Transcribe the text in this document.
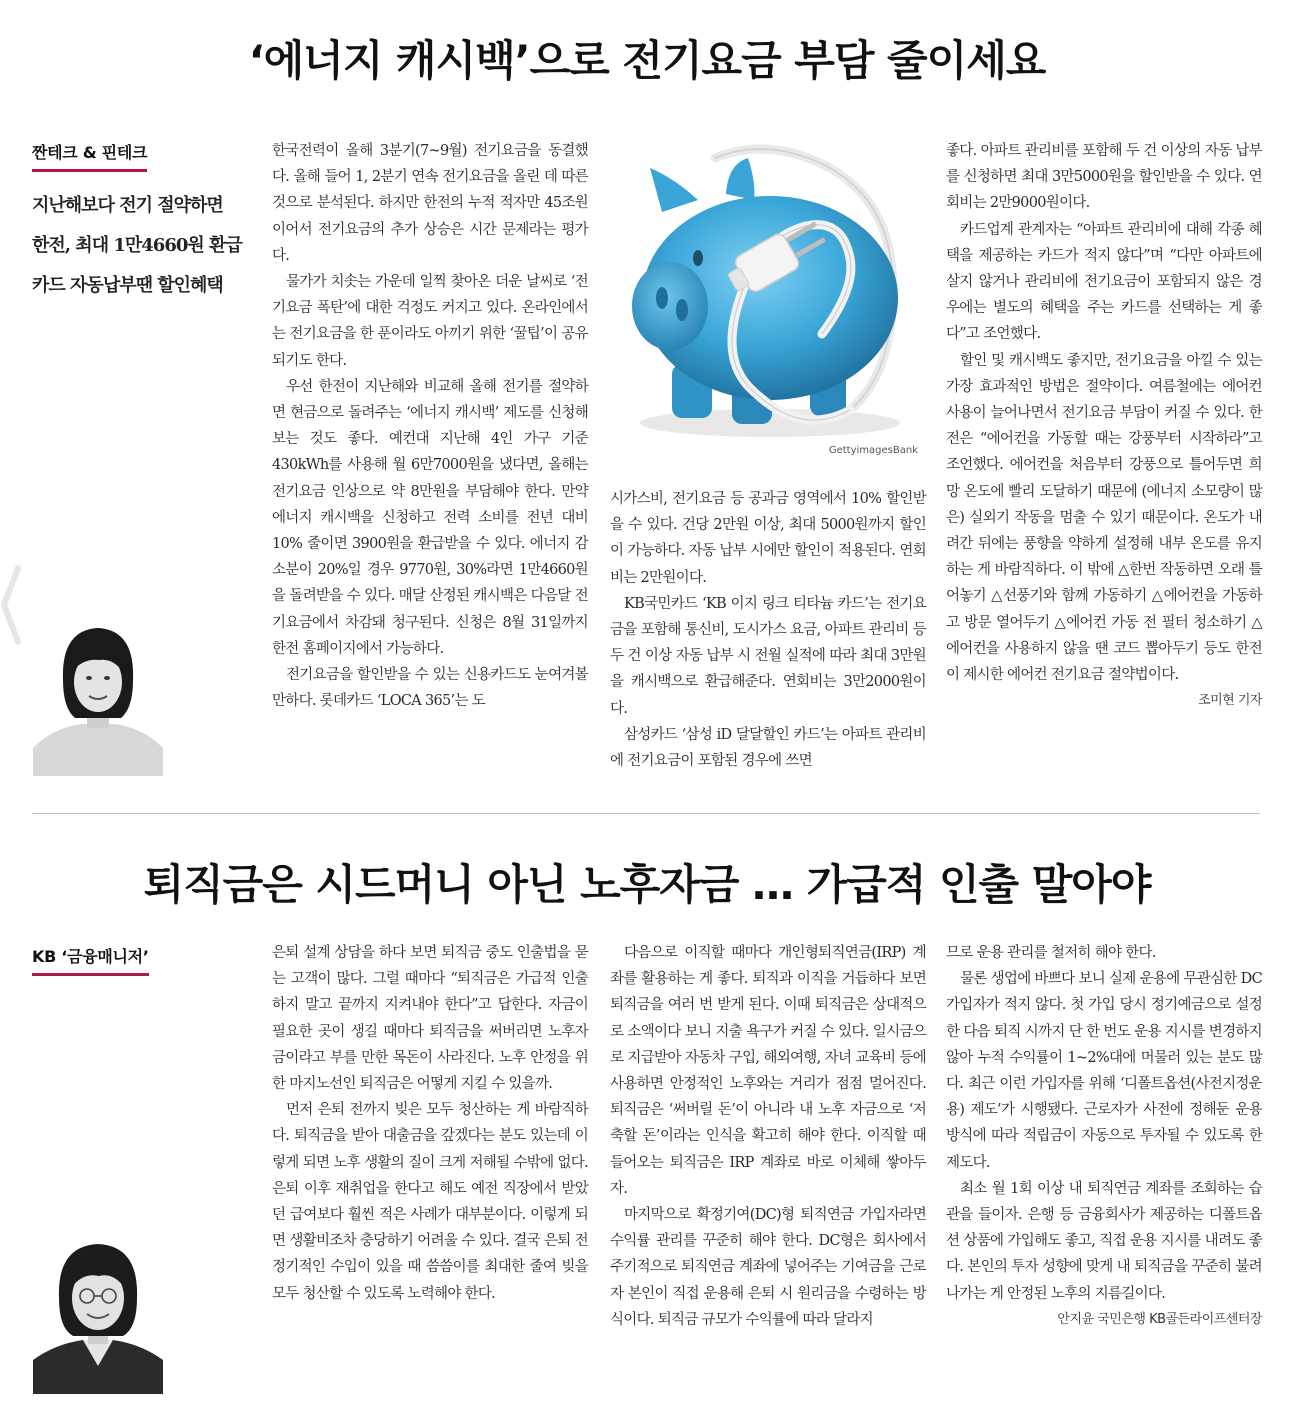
‘에너지 캐시백’으로 전기요금 부담 줄이세요
짠테크 & 핀테크

지난해보다 전기 절약하면

한전, 최대 1만4660원 환급

카드 자동납부땐 할인혜택

한국전력이 올해 3분기(7~9월) 전기요금을 동결했다. 올해 들어 1, 2분기 연속 전기요금을 올린 데 따른 것으로 분석된다. 하지만 한전의 누적 적자만 45조원이어서 전기요금의 추가 상승은 시간 문제라는 평가다.

물가가 치솟는 가운데 일찍 찾아온 더운 날씨로 ‘전기요금 폭탄’에 대한 걱정도 커지고 있다. 온라인에서는 전기요금을 한 푼이라도 아끼기 위한 ‘꿀팁’이 공유되기도 한다.

우선 한전이 지난해와 비교해 올해 전기를 절약하면 현금으로 돌려주는 ‘에너지 캐시백’ 제도를 신청해보는 것도 좋다. 예컨대 지난해 4인 가구 기준 430kWh를 사용해 월 6만7000원을 냈다면, 올해는 전기요금 인상으로 약 8만원을 부담해야 한다. 만약 에너지 캐시백을 신청하고 전력 소비를 전년 대비 10% 줄이면 3900원을 환급받을 수 있다. 에너지 감소분이 20%일 경우 9770원, 30%라면 1만4660원을 돌려받을 수 있다. 매달 산정된 캐시백은 다음달 전기요금에서 차감돼 청구된다. 신청은 8월 31일까지 한전 홈페이지에서 가능하다.

전기요금을 할인받을 수 있는 신용카드도 눈여겨볼 만하다. 롯데카드 ‘LOCA 365’는 도

GettyimagesBank

시가스비, 전기요금 등 공과금 영역에서 10% 할인받을 수 있다. 건당 2만원 이상, 최대 5000원까지 할인이 가능하다. 자동 납부 시에만 할인이 적용된다. 연회비는 2만원이다.

KB국민카드 ‘KB 이지 링크 티타늄 카드’는 전기요금을 포함해 통신비, 도시가스 요금, 아파트 관리비 등 두 건 이상 자동 납부 시 전월 실적에 따라 최대 3만원을 캐시백으로 환급해준다. 연회비는 3만2000원이다.

삼성카드 ‘삼성 iD 달달할인 카드’는 아파트 관리비에 전기요금이 포함된 경우에 쓰면

좋다. 아파트 관리비를 포함해 두 건 이상의 자동 납부를 신청하면 최대 3만5000원을 할인받을 수 있다. 연회비는 2만9000원이다.

카드업계 관계자는 “아파트 관리비에 대해 각종 혜택을 제공하는 카드가 적지 않다”며 “다만 아파트에 살지 않거나 관리비에 전기요금이 포함되지 않은 경우에는 별도의 혜택을 주는 카드를 선택하는 게 좋다”고 조언했다.

할인 및 캐시백도 좋지만, 전기요금을 아낄 수 있는 가장 효과적인 방법은 절약이다. 여름철에는 에어컨 사용이 늘어나면서 전기요금 부담이 커질 수 있다. 한전은 “에어컨을 가동할 때는 강풍부터 시작하라”고 조언했다. 에어컨을 처음부터 강풍으로 틀어두면 희망 온도에 빨리 도달하기 때문에 (에너지 소모량이 많은) 실외기 작동을 멈출 수 있기 때문이다. 온도가 내려간 뒤에는 풍향을 약하게 설정해 내부 온도를 유지하는 게 바람직하다. 이 밖에 △한번 작동하면 오래 틀어놓기 △선풍기와 함께 가동하기 △에어컨을 가동하고 방문 열어두기 △에어컨 가동 전 필터 청소하기 △에어컨을 사용하지 않을 땐 코드 뽑아두기 등도 한전이 제시한 에어컨 전기요금 절약법이다.

조미현 기자
퇴직금은 시드머니 아닌 노후자금 … 가급적 인출 말아야
KB ‘금융매니저’	은퇴 설계 상담을 하다 보면 퇴직금 중도 인출법을 묻는 고객이 많다. 그럴 때마다 “퇴직금은 가급적 인출하지 말고 끝까지 지켜내야 한다”고 답한다. 자금이 필요한 곳이 생길 때마다 퇴직금을 써버리면 노후자금이라고 부를 만한 목돈이 사라진다. 노후 안정을 위한 마지노선인 퇴직금은 어떻게 지킬 수 있을까.

먼저 은퇴 전까지 빚은 모두 청산하는 게 바람직하다. 퇴직금을 받아 대출금을 갚겠다는 분도 있는데 이렇게 되면 노후 생활의 질이 크게 저해될 수밖에 없다. 은퇴 이후 재취업을 한다고 해도 예전 직장에서 받았던 급여보다 훨씬 적은 사례가 대부분이다. 이렇게 되면 생활비조차 충당하기 어려울 수 있다. 결국 은퇴 전 정기적인 수입이 있을 때 씀씀이를 최대한 줄여 빚을 모두 청산할 수 있도록 노력해야 한다.

다음으로 이직할 때마다 개인형퇴직연금(IRP) 계좌를 활용하는 게 좋다. 퇴직과 이직을 거듭하다 보면 퇴직금을 여러 번 받게 된다. 이때 퇴직금은 상대적으로 소액이다 보니 지출 욕구가 커질 수 있다. 일시금으로 지급받아 자동차 구입, 해외여행, 자녀 교육비 등에 사용하면 안정적인 노후와는 거리가 점점 멀어진다. 퇴직금은 ‘써버릴 돈’이 아니라 내 노후 자금으로 ‘저축할 돈’이라는 인식을 확고히 해야 한다. 이직할 때 들어오는 퇴직금은 IRP 계좌로 바로 이체해 쌓아두자.

마지막으로 확정기여(DC)형 퇴직연금 가입자라면 수익률 관리를 꾸준히 해야 한다. DC형은 회사에서 주기적으로 퇴직연금 계좌에 넣어주는 기여금을 근로자 본인이 직접 운용해 은퇴 시 원리금을 수령하는 방식이다. 퇴직금 규모가 수익률에 따라 달라지

므로 운용 관리를 철저히 해야 한다.

물론 생업에 바쁘다 보니 실제 운용에 무관심한 DC 가입자가 적지 않다. 첫 가입 당시 정기예금으로 설정한 다음 퇴직 시까지 단 한 번도 운용 지시를 변경하지 않아 누적 수익률이 1~2%대에 머물러 있는 분도 많다. 최근 이런 가입자를 위해 ‘디폴트옵션(사전지정운용) 제도’가 시행됐다. 근로자가 사전에 정해둔 운용 방식에 따라 적립금이 자동으로 투자될 수 있도록 한 제도다.

최소 월 1회 이상 내 퇴직연금 계좌를 조회하는 습관을 들이자. 은행 등 금융회사가 제공하는 디폴트옵션 상품에 가입해도 좋고, 직접 운용 지시를 내려도 좋다. 본인의 투자 성향에 맞게 내 퇴직금을 꾸준히 불려나가는 게 안정된 노후의 지름길이다.

안지윤 국민은행 KB골든라이프센터장
